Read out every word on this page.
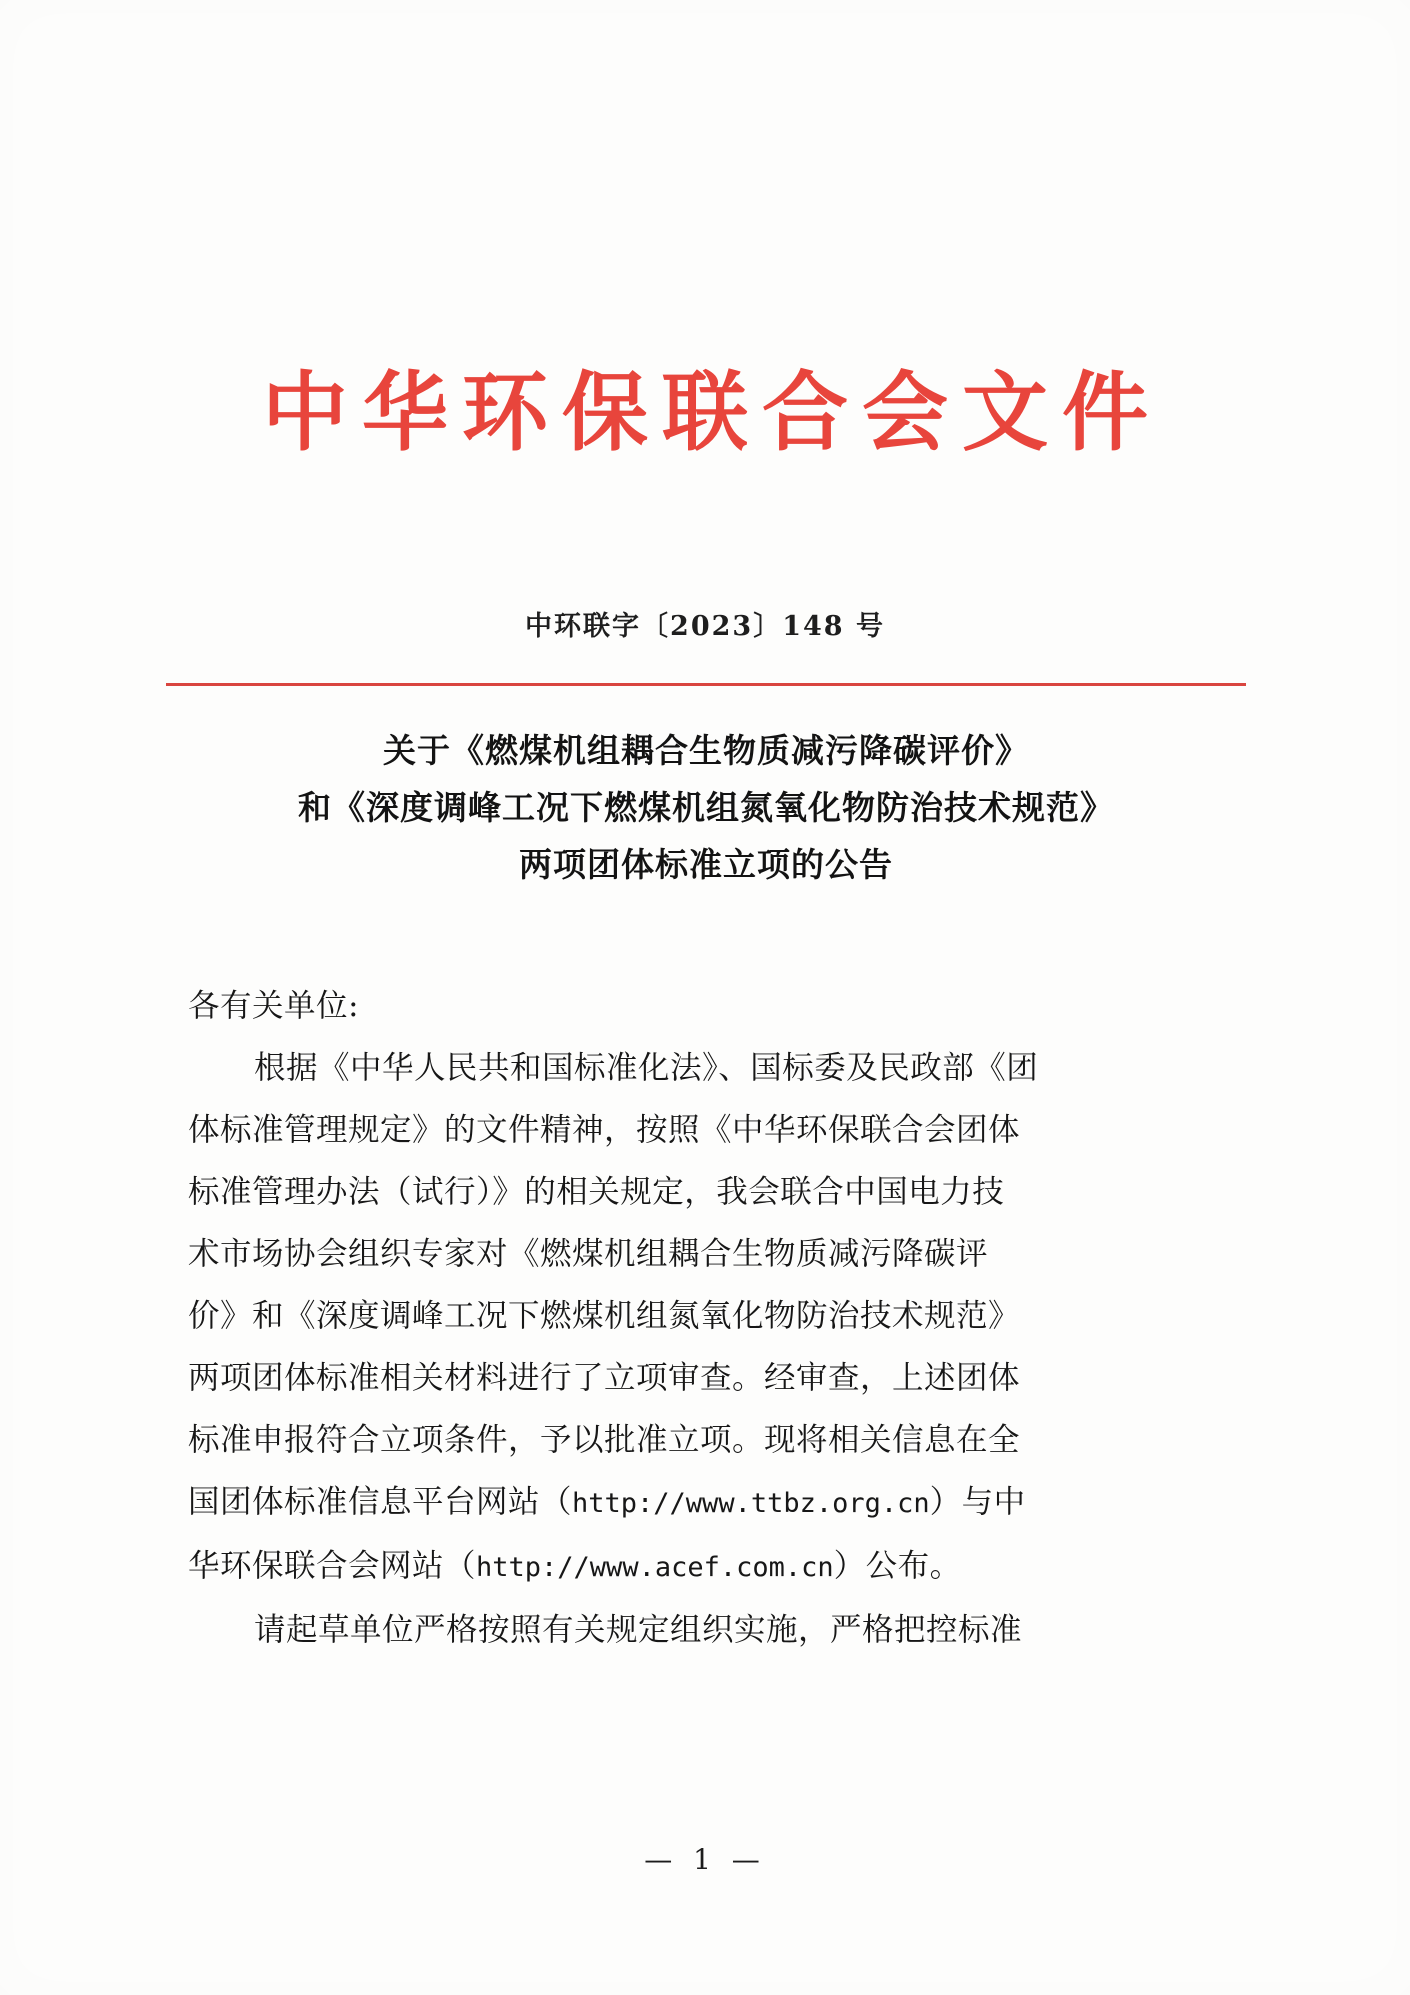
中华环保联合会文件
中环联字〔2023〕148 号
关于《燃煤机组耦合生物质减污降碳评价》
和《深度调峰工况下燃煤机组氮氧化物防治技术规范》
两项团体标准立项的公告

各有关单位:

根据《中华人民共和国标准化法》、国标委及民政部《团

体标准管理规定》的文件精神，按照《中华环保联合会团体

标准管理办法（试行）》的相关规定，我会联合中国电力技

术市场协会组织专家对《燃煤机组耦合生物质减污降碳评

价》和《深度调峰工况下燃煤机组氮氧化物防治技术规范》

两项团体标准相关材料进行了立项审查。经审查，上述团体

标准申报符合立项条件，予以批准立项。现将相关信息在全

国团体标准信息平台网站（http://www.ttbz.org.cn）与中

华环保联合会网站（http://www.acef.com.cn）公布。

请起草单位严格按照有关规定组织实施，严格把控标准

— 1 —
